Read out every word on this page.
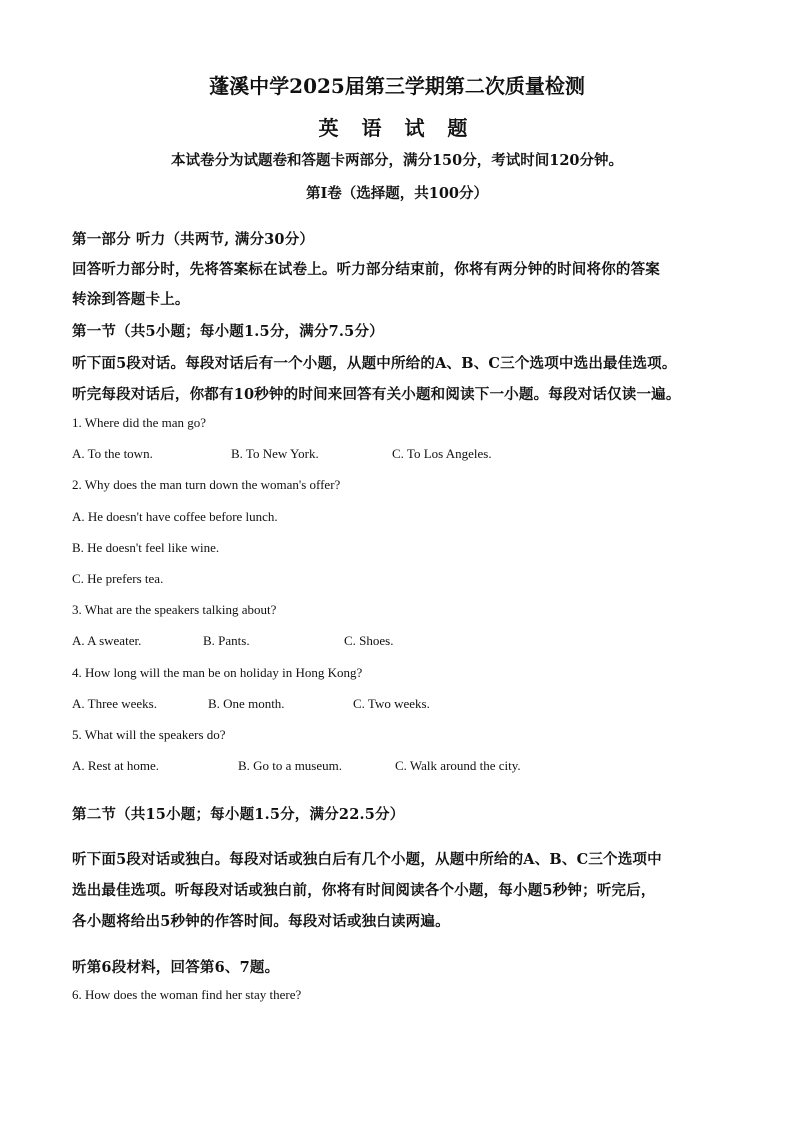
蓬溪中学2025届第三学期第二次质量检测
英 语 试 题
本试卷分为试题卷和答题卡两部分，满分150分，考试时间120分钟。
第Ⅰ卷（选择题，共100分）
第一部分 听力（共两节, 满分30分）
回答听力部分时，先将答案标在试卷上。听力部分结束前，你将有两分钟的时间将你的答案
转涂到答题卡上。
第一节（共5小题；每小题1.5分，满分7.5分）
听下面5段对话。每段对话后有一个小题，从题中所给的A、B、C三个选项中选出最佳选项。
听完每段对话后，你都有10秒钟的时间来回答有关小题和阅读下一小题。每段对话仅读一遍。
1. Where did the man go?
A. To the town.	B. To New York.	C. To Los Angeles.
2. Why does the man turn down the woman's offer?
A. He doesn't have coffee before lunch.
B. He doesn't feel like wine.
C. He prefers tea.
3. What are the speakers talking about?
A. A sweater.	B. Pants.	C. Shoes.
4. How long will the man be on holiday in Hong Kong?
A. Three weeks.	B. One month.	C. Two weeks.
5. What will the speakers do?
A. Rest at home.	B. Go to a museum.	C. Walk around the city.
第二节（共15小题；每小题1.5分，满分22.5分）
听下面5段对话或独白。每段对话或独白后有几个小题，从题中所给的A、B、C三个选项中
选出最佳选项。听每段对话或独白前，你将有时间阅读各个小题，每小题5秒钟；听完后，
各小题将给出5秒钟的作答时间。每段对话或独白读两遍。
听第6段材料，回答第6、7题。
6. How does the woman find her stay there?
